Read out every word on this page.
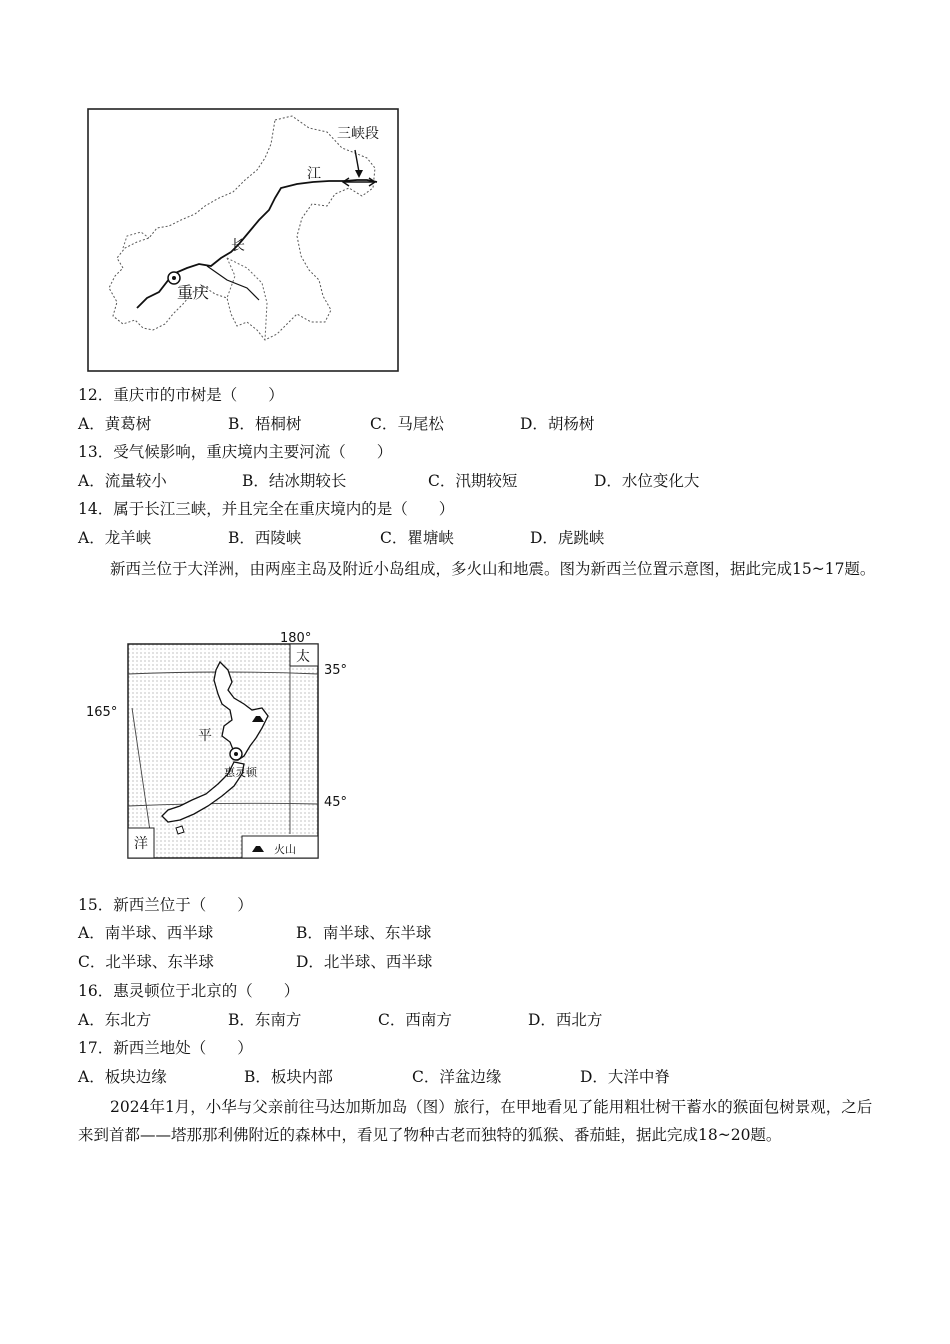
三峡段
江
长
重庆
12．重庆市的市树是（　　）
A．黄葛树	B．梧桐树	C．马尾松	D．胡杨树
13．受气候影响，重庆境内主要河流（　　）
A．流量较小	B．结冰期较长	C．汛期较短	D．水位变化大
14．属于长江三峡，并且完全在重庆境内的是（　　）
A．龙羊峡	B．西陵峡	C．瞿塘峡	D．虎跳峡
新西兰位于大洋洲，由两座主岛及附近小岛组成，多火山和地震。图为新西兰位置示意图，据此完成15~17题。
180°
165°
35°
45°
太
平
洋
惠灵顿
火山
15．新西兰位于（　　）
A．南半球、西半球	B．南半球、东半球
C．北半球、东半球	D．北半球、西半球
16．惠灵顿位于北京的（　　）
A．东北方	B．东南方	C．西南方	D．西北方
17．新西兰地处（　　）
A．板块边缘	B．板块内部	C．洋盆边缘	D．大洋中脊
2024年1月，小华与父亲前往马达加斯加岛（图）旅行，在甲地看见了能用粗壮树干蓄水的猴面包树景观，之后来到首都——塔那那利佛附近的森林中，看见了物种古老而独特的狐猴、番茄蛙，据此完成18~20题。
